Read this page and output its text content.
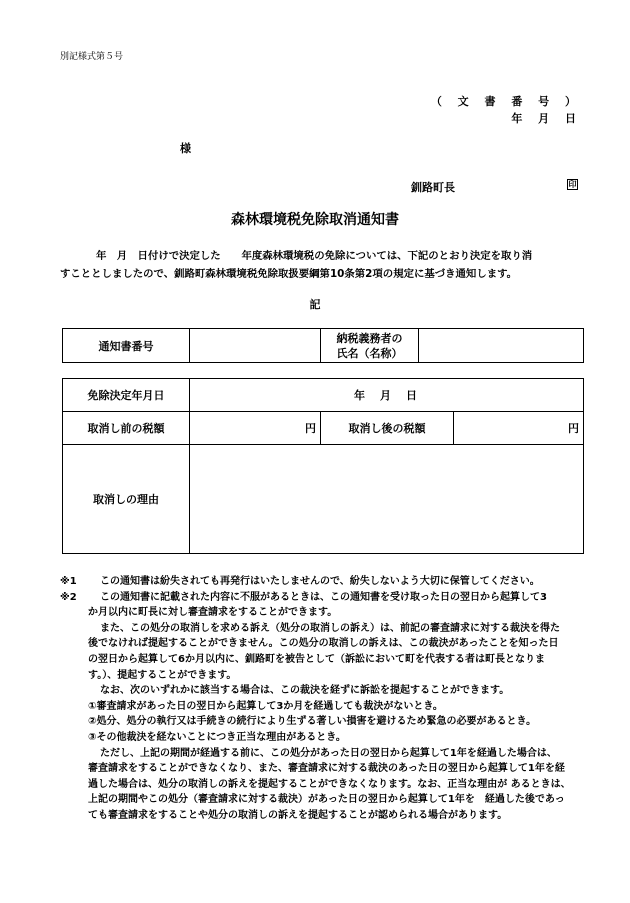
別記様式第５号
（ 文 書 番 号 ）
年 月 日
様
釧路町長	印
森林環境税免除取消通知書

年　月　日付けで決定した　　年度森林環境税の免除については、下記のとおり決定を取り消

すこととしましたので、釧路町森林環境税免除取扱要綱第10条第2項の規定に基づき通知します。

記
通知書番号		納税義務者の
氏名（名称）	
免除決定年月日	年　月　日		
取消し前の税額	円	取消し後の税額	円
取消しの理由			
※1	この通知書は紛失されても再発行はいたしませんので、紛失しないよう大切に保管してください。
※2	この通知書に記載された内容に不服があるときは、この通知書を受け取った日の翌日から起算して3
か月以内に町長に対し審査請求をすることができます。
また、この処分の取消しを求める訴え（処分の取消しの訴え）は、前記の審査請求に対する裁決を得た
後でなければ提起することができません。この処分の取消しの訴えは、この裁決があったことを知った日
の翌日から起算して6か月以内に、釧路町を被告として（訴訟において町を代表する者は町長となりま
す。）、提起することができます。
なお、次のいずれかに該当する場合は、この裁決を経ずに訴訟を提起することができます。
①審査請求があった日の翌日から起算して3か月を経過しても裁決がないとき。
②処分、処分の執行又は手続きの続行により生ずる著しい損害を避けるため緊急の必要があるとき。
③その他裁決を経ないことにつき正当な理由があるとき。
ただし、上記の期間が経過する前に、この処分があった日の翌日から起算して1年を経過した場合は、
審査請求をすることができなくなり、また、審査請求に対する裁決のあった日の翌日から起算して1年を経
過した場合は、処分の取消しの訴えを提起することができなくなります。なお、正当な理由が あるときは、
上記の期間やこの処分（審査請求に対する裁決）があった日の翌日から起算して1年を　経過した後であっ
ても審査請求をすることや処分の取消しの訴えを提起することが認められる場合があります。
